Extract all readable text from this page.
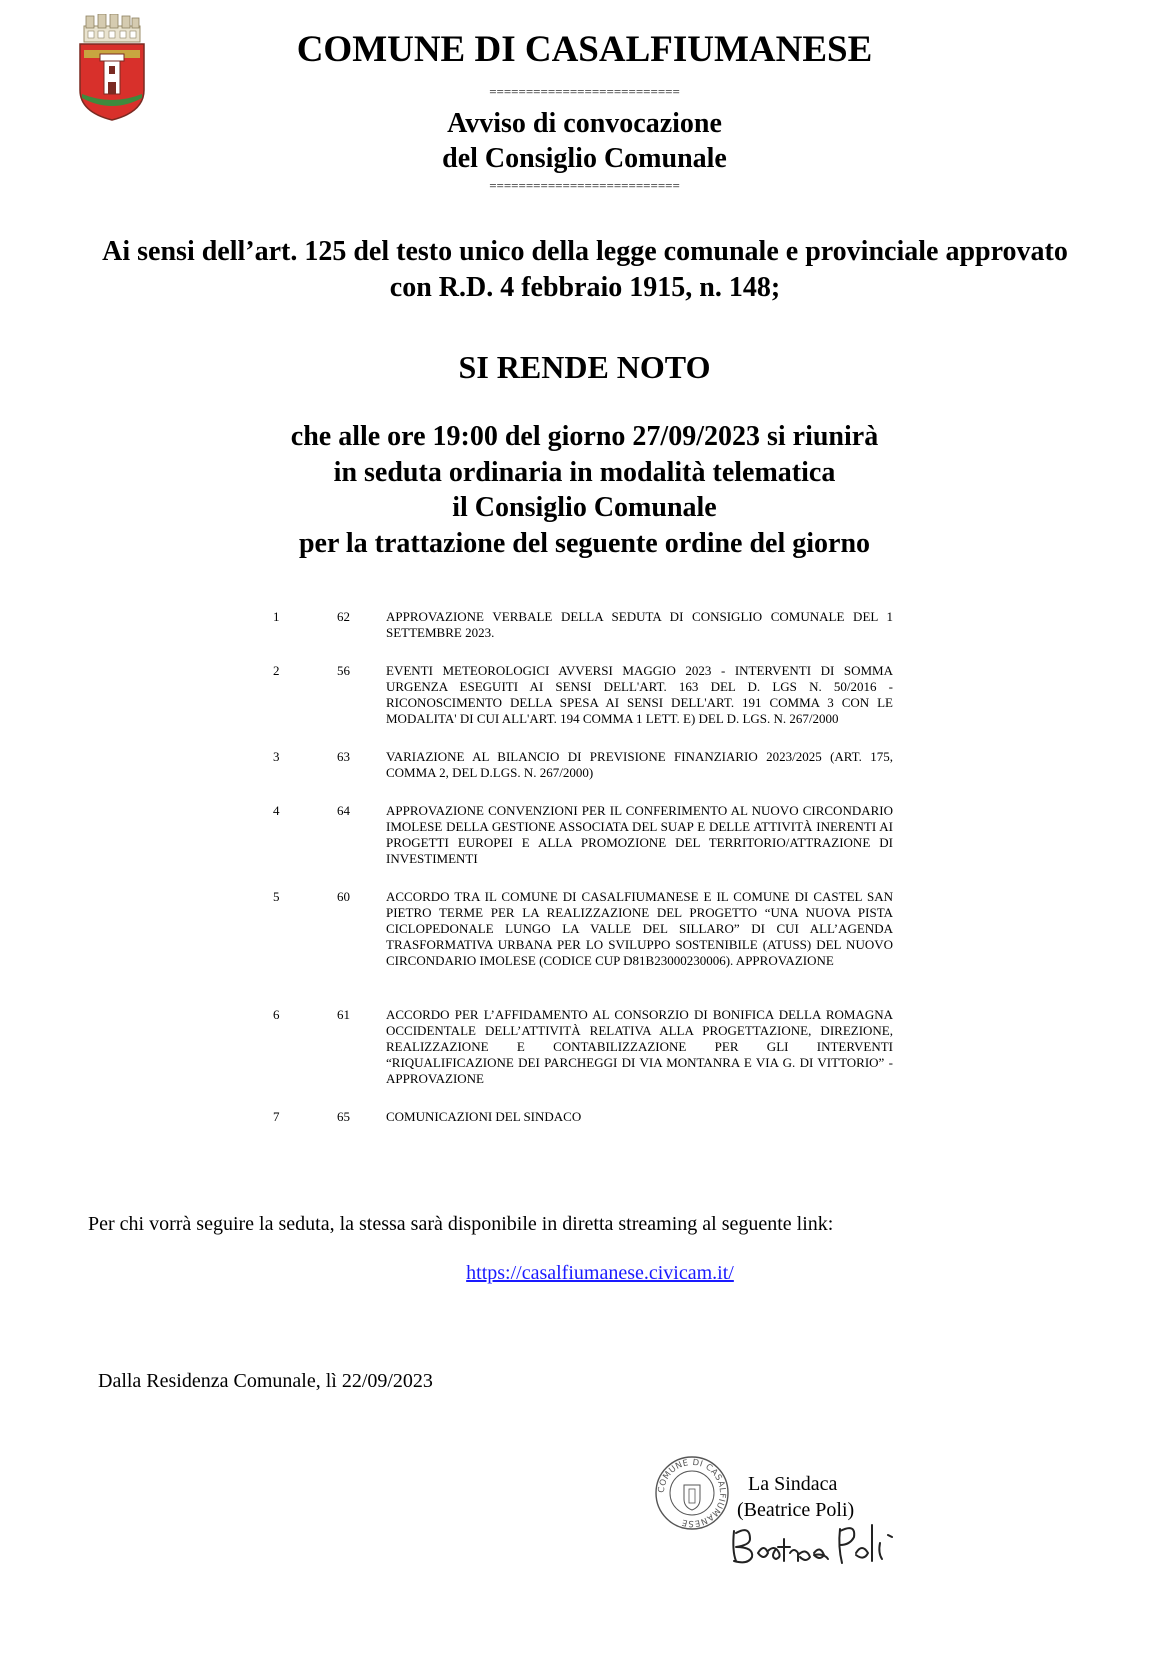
COMUNE DI CASALFIUMANESE
==========================
Avviso di convocazione
del Consiglio Comunale
==========================
Ai sensi dell’art. 125 del testo unico della legge comunale e provinciale approvato
con R.D. 4 febbraio 1915, n. 148;
SI RENDE NOTO
che alle ore 19:00 del giorno 27/09/2023 si riunirà
in seduta ordinaria in modalità telematica
il Consiglio Comunale
per la trattazione del seguente ordine del giorno
1	62	APPROVAZIONE VERBALE DELLA SEDUTA DI CONSIGLIO COMUNALE DEL 1 SETTEMBRE 2023.
2	56	EVENTI METEOROLOGICI AVVERSI MAGGIO 2023 - INTERVENTI DI SOMMA URGENZA ESEGUITI AI SENSI DELL'ART. 163 DEL D. LGS N. 50/2016 - RICONOSCIMENTO DELLA SPESA AI SENSI DELL'ART. 191 COMMA 3 CON LE MODALITA' DI CUI ALL'ART. 194 COMMA 1 LETT. E) DEL D. LGS. N. 267/2000
3	63	VARIAZIONE AL BILANCIO DI PREVISIONE FINANZIARIO 2023/2025 (ART. 175, COMMA 2, DEL D.LGS. N. 267/2000)
4	64	APPROVAZIONE CONVENZIONI PER IL CONFERIMENTO AL NUOVO CIRCONDARIO IMOLESE DELLA GESTIONE ASSOCIATA DEL SUAP E DELLE ATTIVITÀ INERENTI AI PROGETTI EUROPEI E ALLA PROMOZIONE DEL TERRITORIO/ATTRAZIONE DI INVESTIMENTI
5	60	ACCORDO TRA IL COMUNE DI CASALFIUMANESE E IL COMUNE DI CASTEL SAN PIETRO TERME PER LA REALIZZAZIONE DEL PROGETTO “UNA NUOVA PISTA CICLOPEDONALE LUNGO LA VALLE DEL SILLARO” DI CUI ALL’AGENDA TRASFORMATIVA URBANA PER LO SVILUPPO SOSTENIBILE (ATUSS) DEL NUOVO CIRCONDARIO IMOLESE (CODICE CUP D81B23000230006). APPROVAZIONE
6	61	ACCORDO PER L’AFFIDAMENTO AL CONSORZIO DI BONIFICA DELLA ROMAGNA OCCIDENTALE DELL’ATTIVITÀ RELATIVA ALLA PROGETTAZIONE, DIREZIONE, REALIZZAZIONE E CONTABILIZZAZIONE PER GLI INTERVENTI “RIQUALIFICAZIONE DEI PARCHEGGI DI VIA MONTANRA E VIA G. DI VITTORIO” - APPROVAZIONE
7	65	COMUNICAZIONI DEL SINDACO
Per chi vorrà seguire la seduta, la stessa sarà disponibile in diretta streaming al seguente link:
https://casalfiumanese.civicam.it/
Dalla Residenza Comunale, lì 22/09/2023
COMUNE DI CASALFIUMANESE
La Sindaca
(Beatrice Poli)
